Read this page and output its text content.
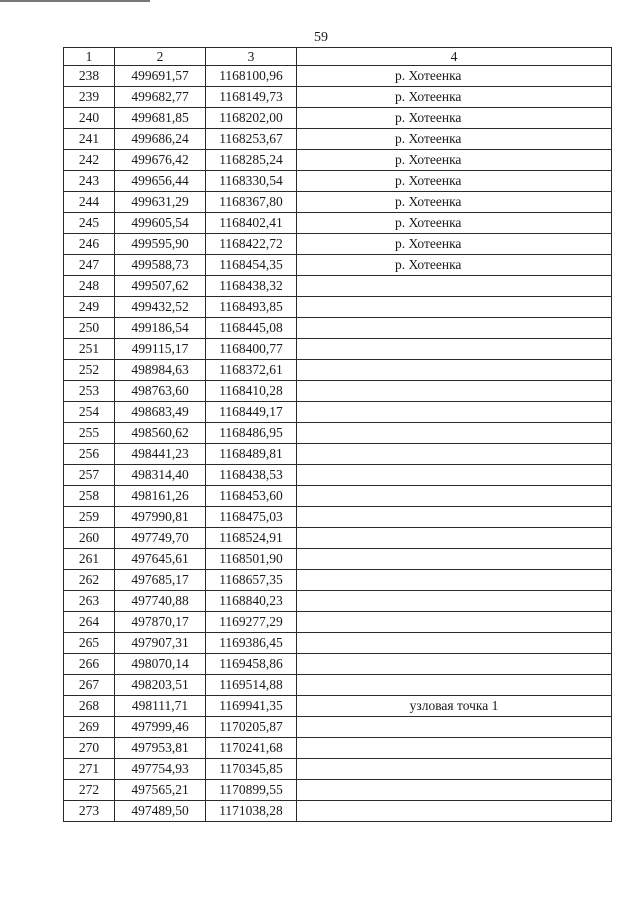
59
1	2	3	4
238	499691,57	1168100,96	р. Хотеенка
239	499682,77	1168149,73	р. Хотеенка
240	499681,85	1168202,00	р. Хотеенка
241	499686,24	1168253,67	р. Хотеенка
242	499676,42	1168285,24	р. Хотеенка
243	499656,44	1168330,54	р. Хотеенка
244	499631,29	1168367,80	р. Хотеенка
245	499605,54	1168402,41	р. Хотеенка
246	499595,90	1168422,72	р. Хотеенка
247	499588,73	1168454,35	р. Хотеенка
248	499507,62	1168438,32	
249	499432,52	1168493,85	
250	499186,54	1168445,08	
251	499115,17	1168400,77	
252	498984,63	1168372,61	
253	498763,60	1168410,28	
254	498683,49	1168449,17	
255	498560,62	1168486,95	
256	498441,23	1168489,81	
257	498314,40	1168438,53	
258	498161,26	1168453,60	
259	497990,81	1168475,03	
260	497749,70	1168524,91	
261	497645,61	1168501,90	
262	497685,17	1168657,35	
263	497740,88	1168840,23	
264	497870,17	1169277,29	
265	497907,31	1169386,45	
266	498070,14	1169458,86	
267	498203,51	1169514,88	
268	498111,71	1169941,35	узловая точка 1
269	497999,46	1170205,87	
270	497953,81	1170241,68	
271	497754,93	1170345,85	
272	497565,21	1170899,55	
273	497489,50	1171038,28	
